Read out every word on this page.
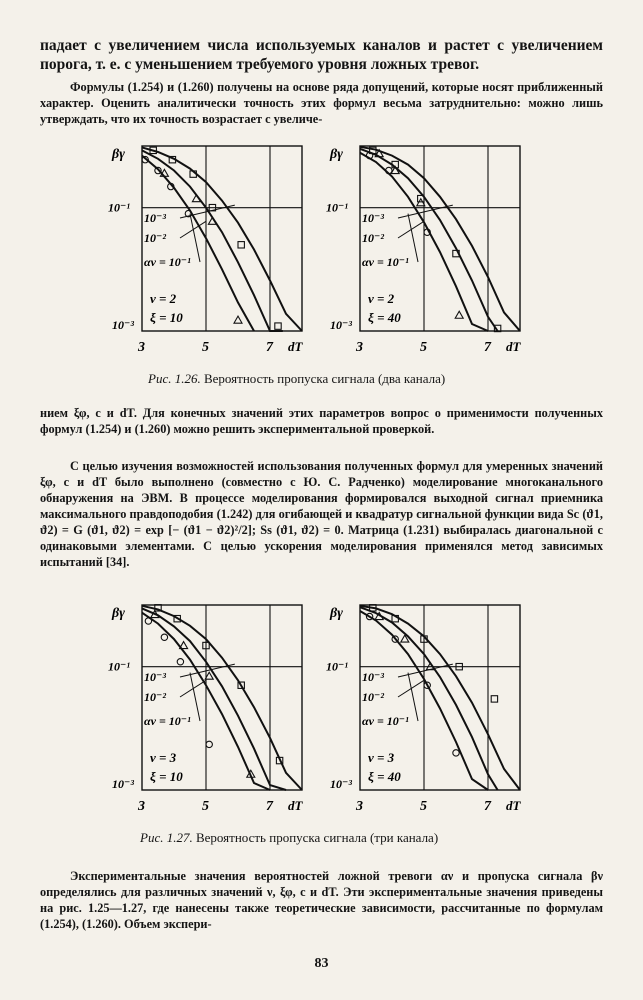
падает с увеличением числа используемых каналов и растет с увеличением порога, т. е. с уменьшением требуемого уровня ложных тревог.

Формулы (1.254) и (1.260) получены на основе ряда допущений, которые носят приближенный характер. Оценить аналитически точность этих формул весьма затруднительно: можно лишь утверждать, что их точность возрастает с увеличе-

βγ
10⁻¹
10⁻³
3	5	7 dT
10⁻³
10⁻²
αν = 10⁻¹
ν = 2
ξ = 10
βγ
10⁻¹
10⁻³
3	5	7 dT
10⁻³
10⁻²
αν = 10⁻¹
ν = 2
ξ = 40
Рис. 1.26. Вероятность пропуска сигнала (два канала)

нием ξφ, c и dT. Для конечных значений этих параметров вопрос о применимости полученных формул (1.254) и (1.260) можно решить экспериментальной проверкой.

С целью изучения возможностей использования полученных формул для умеренных значений ξφ, c и dT было выполнено (совместно с Ю. С. Радченко) моделирование многоканального обнаружения на ЭВМ. В процессе моделирования формировался выходной сигнал приемника максимального правдоподобия (1.242) для огибающей и квадратур сигнальной функции вида Sc (ϑ1, ϑ2) = G (ϑ1, ϑ2) = exp [− (ϑ1 − ϑ2)²/2]; Ss (ϑ1, ϑ2) = 0. Матрица (1.231) выбиралась диагональной с одинаковыми элементами. С целью ускорения моделирования применялся метод зависимых испытаний [34].

βγ
10⁻¹
10⁻³
3	5	7 dT
10⁻³
10⁻²
αν = 10⁻¹
ν = 3
ξ = 10
βγ
10⁻¹
10⁻³
3	5	7 dT
10⁻³
10⁻²
αν = 10⁻¹
ν = 3
ξ = 40
Рис. 1.27. Вероятность пропуска сигнала (три канала)

Экспериментальные значения вероятностей ложной тревоги αν и пропуска сигнала βν определялись для различных значений ν, ξφ, c и dT. Эти экспериментальные значения приведены на рис. 1.25—1.27, где нанесены также теоретические зависимости, рассчитанные по формулам (1.254), (1.260). Объем экспери-

83
